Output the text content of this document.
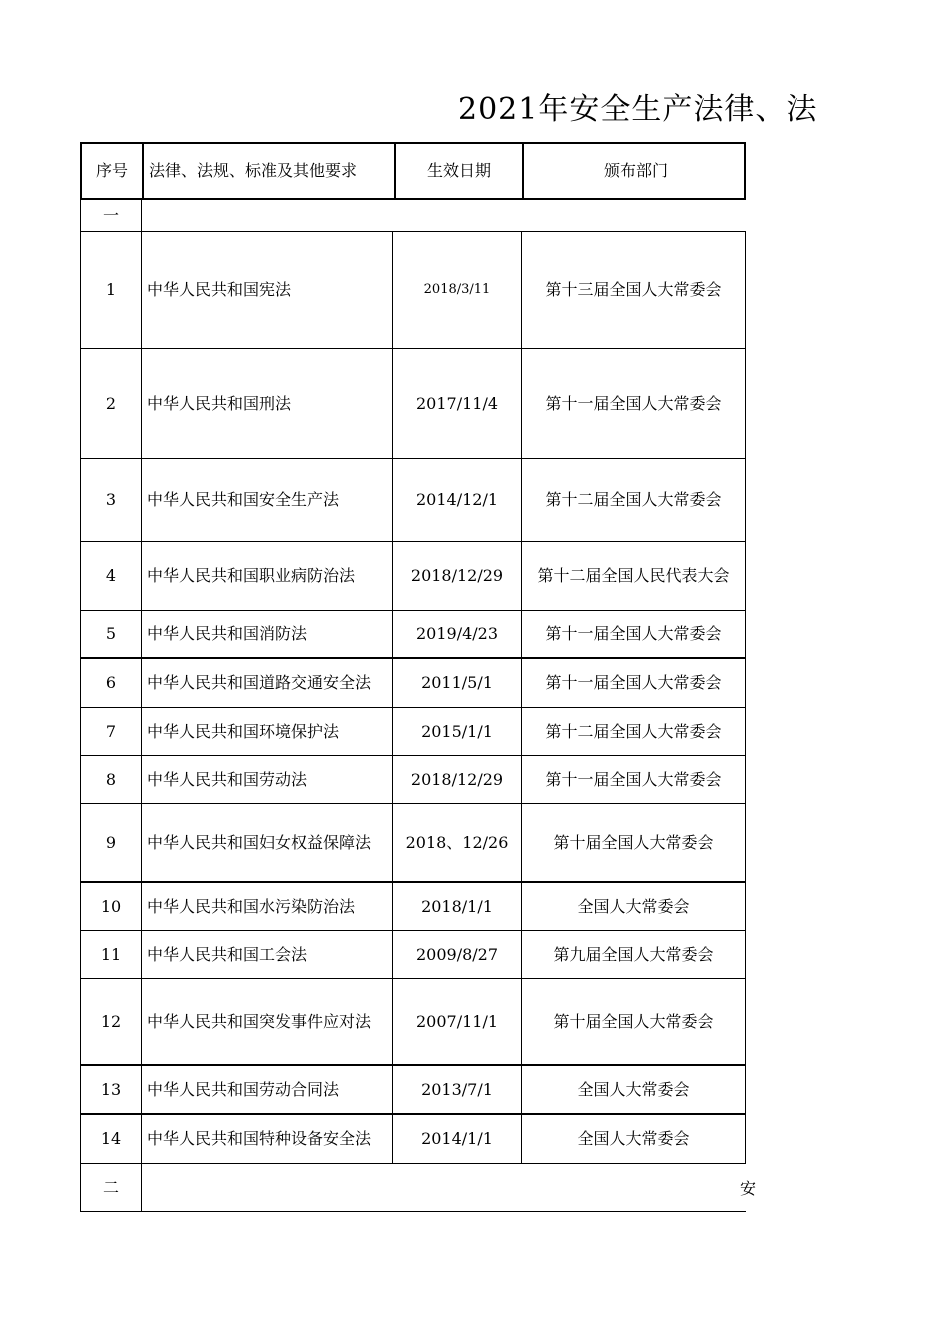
2021年安全生产法律、法
序号	法律、法规、标准及其他要求	生效日期	颁布部门
一
1	中华人民共和国宪法	2018/3/11	第十三届全国人大常委会
2	中华人民共和国刑法	2017/11/4	第十一届全国人大常委会
3	中华人民共和国安全生产法	2014/12/1	第十二届全国人大常委会
4	中华人民共和国职业病防治法	2018/12/29	第十二届全国人民代表大会
5	中华人民共和国消防法	2019/4/23	第十一届全国人大常委会
6	中华人民共和国道路交通安全法	2011/5/1	第十一届全国人大常委会
7	中华人民共和国环境保护法	2015/1/1	第十二届全国人大常委会
8	中华人民共和国劳动法	2018/12/29	第十一届全国人大常委会
9	中华人民共和国妇女权益保障法	2018、12/26	第十届全国人大常委会
10	中华人民共和国水污染防治法	2018/1/1	全国人大常委会
11	中华人民共和国工会法	2009/8/27	第九届全国人大常委会
12	中华人民共和国突发事件应对法	2007/11/1	第十届全国人大常委会
13	中华人民共和国劳动合同法	2013/7/1	全国人大常委会
14	中华人民共和国特种设备安全法	2014/1/1	全国人大常委会
二	安
